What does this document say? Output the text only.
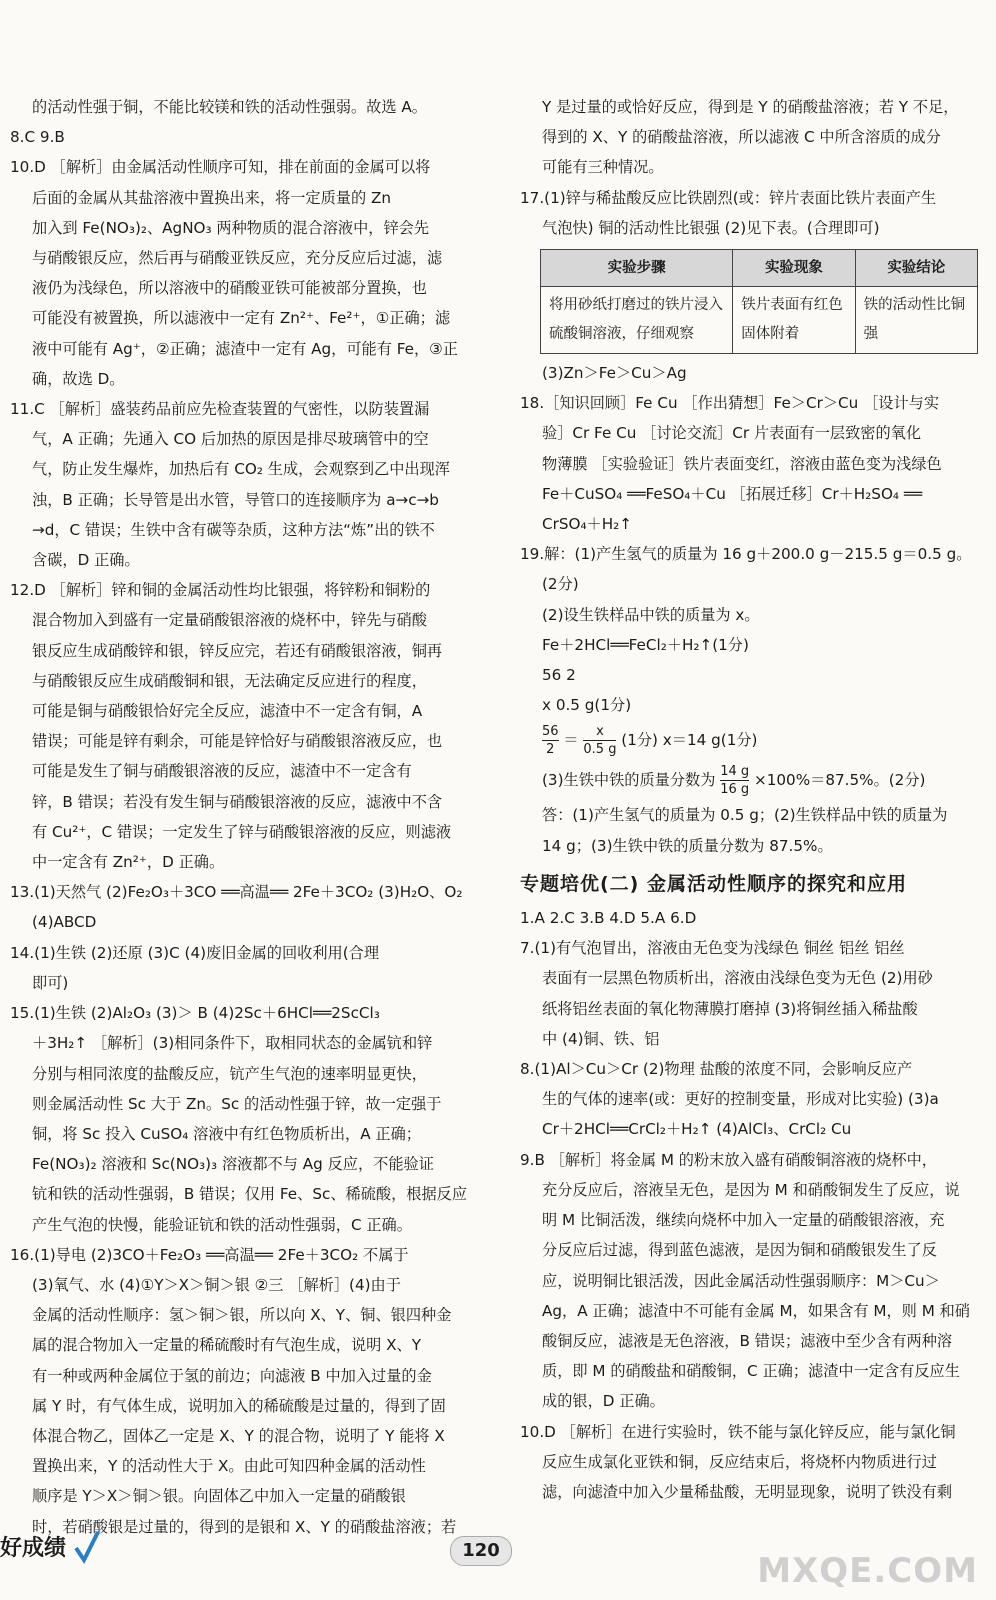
的活动性强于铜，不能比较镁和铁的活动性强弱。故选 A。

8.C 9.B

10.D ［解析］由金属活动性顺序可知，排在前面的金属可以将

后面的金属从其盐溶液中置换出来，将一定质量的 Zn

加入到 Fe(NO₃)₂、AgNO₃ 两种物质的混合溶液中，锌会先

与硝酸银反应，然后再与硝酸亚铁反应，充分反应后过滤，滤

液仍为浅绿色，所以溶液中的硝酸亚铁可能被部分置换，也

可能没有被置换，所以滤液中一定有 Zn²⁺、Fe²⁺，①正确；滤

液中可能有 Ag⁺，②正确；滤渣中一定有 Ag，可能有 Fe，③正

确，故选 D。

11.C ［解析］盛装药品前应先检查装置的气密性，以防装置漏

气，A 正确；先通入 CO 后加热的原因是排尽玻璃管中的空

气，防止发生爆炸，加热后有 CO₂ 生成，会观察到乙中出现浑

浊，B 正确；长导管是出水管，导管口的连接顺序为 a→c→b

→d，C 错误；生铁中含有碳等杂质，这种方法“炼”出的铁不

含碳，D 正确。

12.D ［解析］锌和铜的金属活动性均比银强，将锌粉和铜粉的

混合物加入到盛有一定量硝酸银溶液的烧杯中，锌先与硝酸

银反应生成硝酸锌和银，锌反应完，若还有硝酸银溶液，铜再

与硝酸银反应生成硝酸铜和银，无法确定反应进行的程度，

可能是铜与硝酸银恰好完全反应，滤渣中不一定含有铜，A

错误；可能是锌有剩余，可能是锌恰好与硝酸银溶液反应，也

可能是发生了铜与硝酸银溶液的反应，滤渣中不一定含有

锌，B 错误；若没有发生铜与硝酸银溶液的反应，滤液中不含

有 Cu²⁺，C 错误；一定发生了锌与硝酸银溶液的反应，则滤液

中一定含有 Zn²⁺，D 正确。

13.(1)天然气 (2)Fe₂O₃＋3CO ══高温══ 2Fe＋3CO₂ (3)H₂O、O₂

(4)ABCD

14.(1)生铁 (2)还原 (3)C (4)废旧金属的回收利用(合理

即可)

15.(1)生铁 (2)Al₂O₃ (3)＞ B (4)2Sc＋6HCl══2ScCl₃

＋3H₂↑ ［解析］(3)相同条件下，取相同状态的金属钪和锌

分别与相同浓度的盐酸反应，钪产生气泡的速率明显更快，

则金属活动性 Sc 大于 Zn。Sc 的活动性强于锌，故一定强于

铜，将 Sc 投入 CuSO₄ 溶液中有红色物质析出，A 正确；

Fe(NO₃)₂ 溶液和 Sc(NO₃)₃ 溶液都不与 Ag 反应，不能验证

钪和铁的活动性强弱，B 错误；仅用 Fe、Sc、稀硫酸，根据反应

产生气泡的快慢，能验证钪和铁的活动性强弱，C 正确。

16.(1)导电 (2)3CO＋Fe₂O₃ ══高温══ 2Fe＋3CO₂ 不属于

(3)氧气、水 (4)①Y＞X＞铜＞银 ②三 ［解析］(4)由于

金属的活动性顺序：氢＞铜＞银，所以向 X、Y、铜、银四种金

属的混合物加入一定量的稀硫酸时有气泡生成，说明 X、Y

有一种或两种金属位于氢的前边；向滤液 B 中加入过量的金

属 Y 时，有气体生成，说明加入的稀硫酸是过量的，得到了固

体混合物乙，固体乙一定是 X、Y 的混合物，说明了 Y 能将 X

置换出来，Y 的活动性大于 X。由此可知四种金属的活动性

顺序是 Y＞X＞铜＞银。向固体乙中加入一定量的硝酸银

时，若硝酸银是过量的，得到的是银和 X、Y 的硝酸盐溶液；若

Y 是过量的或恰好反应，得到是 Y 的硝酸盐溶液；若 Y 不足，

得到的 X、Y 的硝酸盐溶液，所以滤液 C 中所含溶质的成分

可能有三种情况。

17.(1)锌与稀盐酸反应比铁剧烈(或：锌片表面比铁片表面产生

气泡快) 铜的活动性比银强 (2)见下表。(合理即可)

实验步骤	实验现象	实验结论
将用砂纸打磨过的铁片浸入硫酸铜溶液，仔细观察	铁片表面有红色固体附着	铁的活动性比铜强

(3)Zn＞Fe＞Cu＞Ag

18.［知识回顾］Fe Cu ［作出猜想］Fe＞Cr＞Cu ［设计与实

验］Cr Fe Cu ［讨论交流］Cr 片表面有一层致密的氧化

物薄膜 ［实验验证］铁片表面变红，溶液由蓝色变为浅绿色

Fe＋CuSO₄ ══FeSO₄＋Cu ［拓展迁移］Cr＋H₂SO₄ ══

CrSO₄＋H₂↑

19.解：(1)产生氢气的质量为 16 g＋200.0 g－215.5 g＝0.5 g。

(2分)

(2)设生铁样品中铁的质量为 x。

Fe＋2HCl══FeCl₂＋H₂↑(1分)

56 2

x 0.5 g(1分)

$\frac{56}{2} = \frac{x}{0.5 g} (1$分) x＝14 g(1分)

(3)生铁中铁的质量分数为 $\frac{14 g}{16 g} \times 100\%=87.5\%$。(2分)

答：(1)产生氢气的质量为 0.5 g；(2)生铁样品中铁的质量为

14 g；(3)生铁中铁的质量分数为 87.5%。

专题培优(二) 金属活动性顺序的探究和应用

1.A 2.C 3.B 4.D 5.A 6.D

7.(1)有气泡冒出，溶液由无色变为浅绿色 铜丝 铝丝 铝丝

表面有一层黑色物质析出，溶液由浅绿色变为无色 (2)用砂

纸将铝丝表面的氧化物薄膜打磨掉 (3)将铜丝插入稀盐酸

中 (4)铜、铁、铝

8.(1)Al＞Cu＞Cr (2)物理 盐酸的浓度不同，会影响反应产

生的气体的速率(或：更好的控制变量，形成对比实验) (3)a

Cr＋2HCl══CrCl₂＋H₂↑ (4)AlCl₃、CrCl₂ Cu

9.B ［解析］将金属 M 的粉末放入盛有硝酸铜溶液的烧杯中，

充分反应后，溶液呈无色，是因为 M 和硝酸铜发生了反应，说

明 M 比铜活泼，继续向烧杯中加入一定量的硝酸银溶液，充

分反应后过滤，得到蓝色滤液，是因为铜和硝酸银发生了反

应，说明铜比银活泼，因此金属活动性强弱顺序：M＞Cu＞

Ag，A 正确；滤渣中不可能有金属 M，如果含有 M，则 M 和硝

酸铜反应，滤液是无色溶液，B 错误；滤液中至少含有两种溶

质，即 M 的硝酸盐和硝酸铜，C 正确；滤渣中一定含有反应生

成的银，D 正确。

10.D ［解析］在进行实验时，铁不能与氯化锌反应，能与氯化铜

反应生成氯化亚铁和铜，反应结束后，将烧杯内物质进行过

滤，向滤渣中加入少量稀盐酸，无明显现象，说明了铁没有剩

好成绩	120
MXQE.COM
